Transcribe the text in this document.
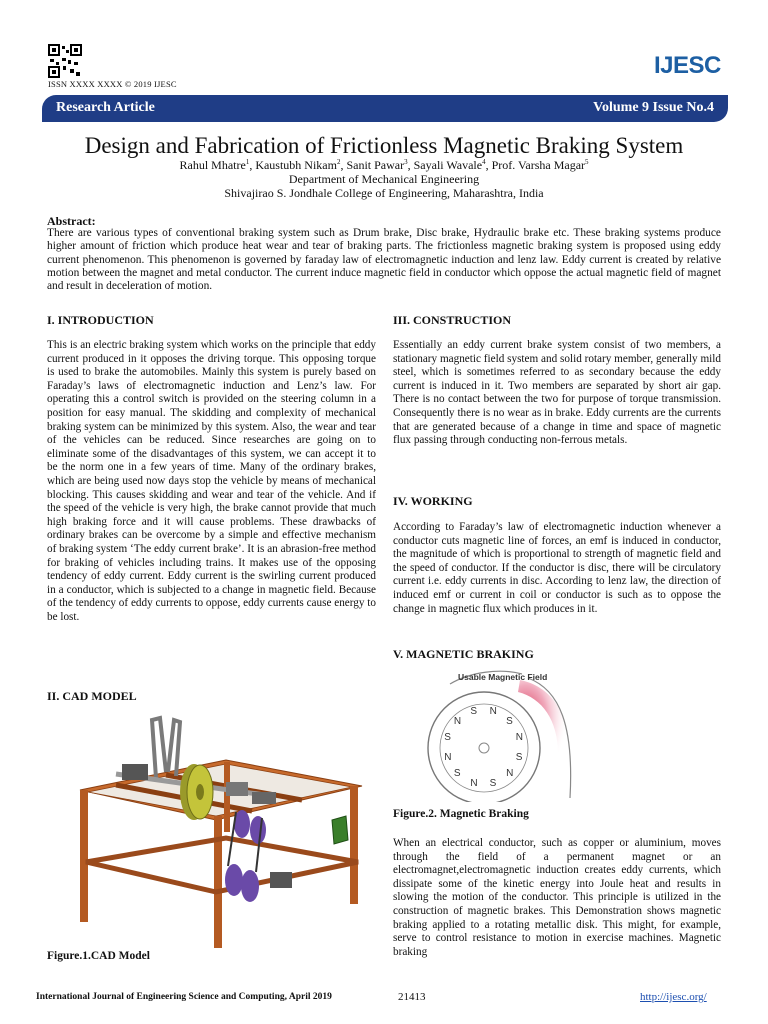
ISSN XXXX XXXX © 2019 IJESC
IJESC
Research Article	Volume 9 Issue No.4
Design and Fabrication of Frictionless Magnetic Braking System
Rahul Mhatre$^1$, Kaustubh Nikam$^2$, Sanit Pawar$^3$, Sayali Wavale$^4$, Prof. Varsha Magar$^5$
Department of Mechanical Engineering
Shivajirao S. Jondhale College of Engineering, Maharashtra, India
Abstract:
There are various types of conventional braking system such as Drum brake, Disc brake, Hydraulic brake etc. These braking systems produce higher amount of friction which produce heat wear and tear of braking parts. The frictionless magnetic braking system is proposed using eddy current phenomenon. This phenomenon is governed by faraday law of electromagnetic induction and lenz law. Eddy current is created by relative motion between the magnet and metal conductor. The current induce magnetic field in conductor which oppose the actual magnetic field of magnet and result in deceleration of motion.
I. INTRODUCTION
This is an electric braking system which works on the principle that eddy current produced in it opposes the driving torque. This opposing torque is used to brake the automobiles. Mainly this system is purely based on Faraday’s laws of electromagnetic induction and Lenz’s law. For operating this a control switch is provided on the steering column in a position for easy manual. The skidding and complexity of mechanical braking system can be minimized by this system. Also, the wear and tear of the vehicles can be reduced. Since researches are going on to eliminate some of the disadvantages of this system, we can accept it to be the norm one in a few years of time. Many of the ordinary brakes, which are being used now days stop the vehicle by means of mechanical blocking. This causes skidding and wear and tear of the vehicle. And if the speed of the vehicle is very high, the brake cannot provide that much high braking force and it will cause problems. These drawbacks of ordinary brakes can be overcome by a simple and effective mechanism of braking system ‘The eddy current brake’. It is an abrasion-free method for braking of vehicles including trains. It makes use of the opposing tendency of eddy current. Eddy current is the swirling current produced in a conductor, which is subjected to a change in magnetic field. Because of the tendency of eddy currents to oppose, eddy currents cause energy to be lost.
II. CAD MODEL
Figure.1.CAD Model
III. CONSTRUCTION
Essentially an eddy current brake system consist of two members, a stationary magnetic field system and solid rotary member, generally mild steel, which is sometimes referred to as secondary because the eddy current is induced in it. Two members are separated by short air gap. There is no contact between the two for purpose of torque transmission. Consequently there is no wear as in brake. Eddy currents are the currents that are generated because of a change in time and space of magnetic flux passing through conducting non-ferrous metals.
IV. WORKING
According to Faraday’s law of electromagnetic induction whenever a conductor cuts magnetic line of forces, an emf is induced in conductor, the magnitude of which is proportional to strength of magnetic field and the speed of conductor. If the conductor is disc, there will be circulatory current i.e. eddy currents in disc. According to lenz law, the direction of induced emf or current in coil or conductor is such as to oppose the change in magnetic flux which produces in it.
V. MAGNETIC BRAKING
Usable Magnetic Field
N
S
N
S
N
S
N
S
N
S
N
S
Figure.2. Magnetic Braking
When an electrical conductor, such as copper or aluminium, moves through the field of a permanent magnet or an electromagnet,electromagnetic induction creates eddy currents, which dissipate some of the kinetic energy into Joule heat and results in slowing the motion of the conductor. This principle is utilized in the construction of magnetic brakes. This Demonstration shows magnetic braking applied to a rotating metallic disk. This might, for example, serve to control resistance to motion in exercise machines. Magnetic braking
International Journal of Engineering Science and Computing, April 2019	21413	http://ijesc.org/
